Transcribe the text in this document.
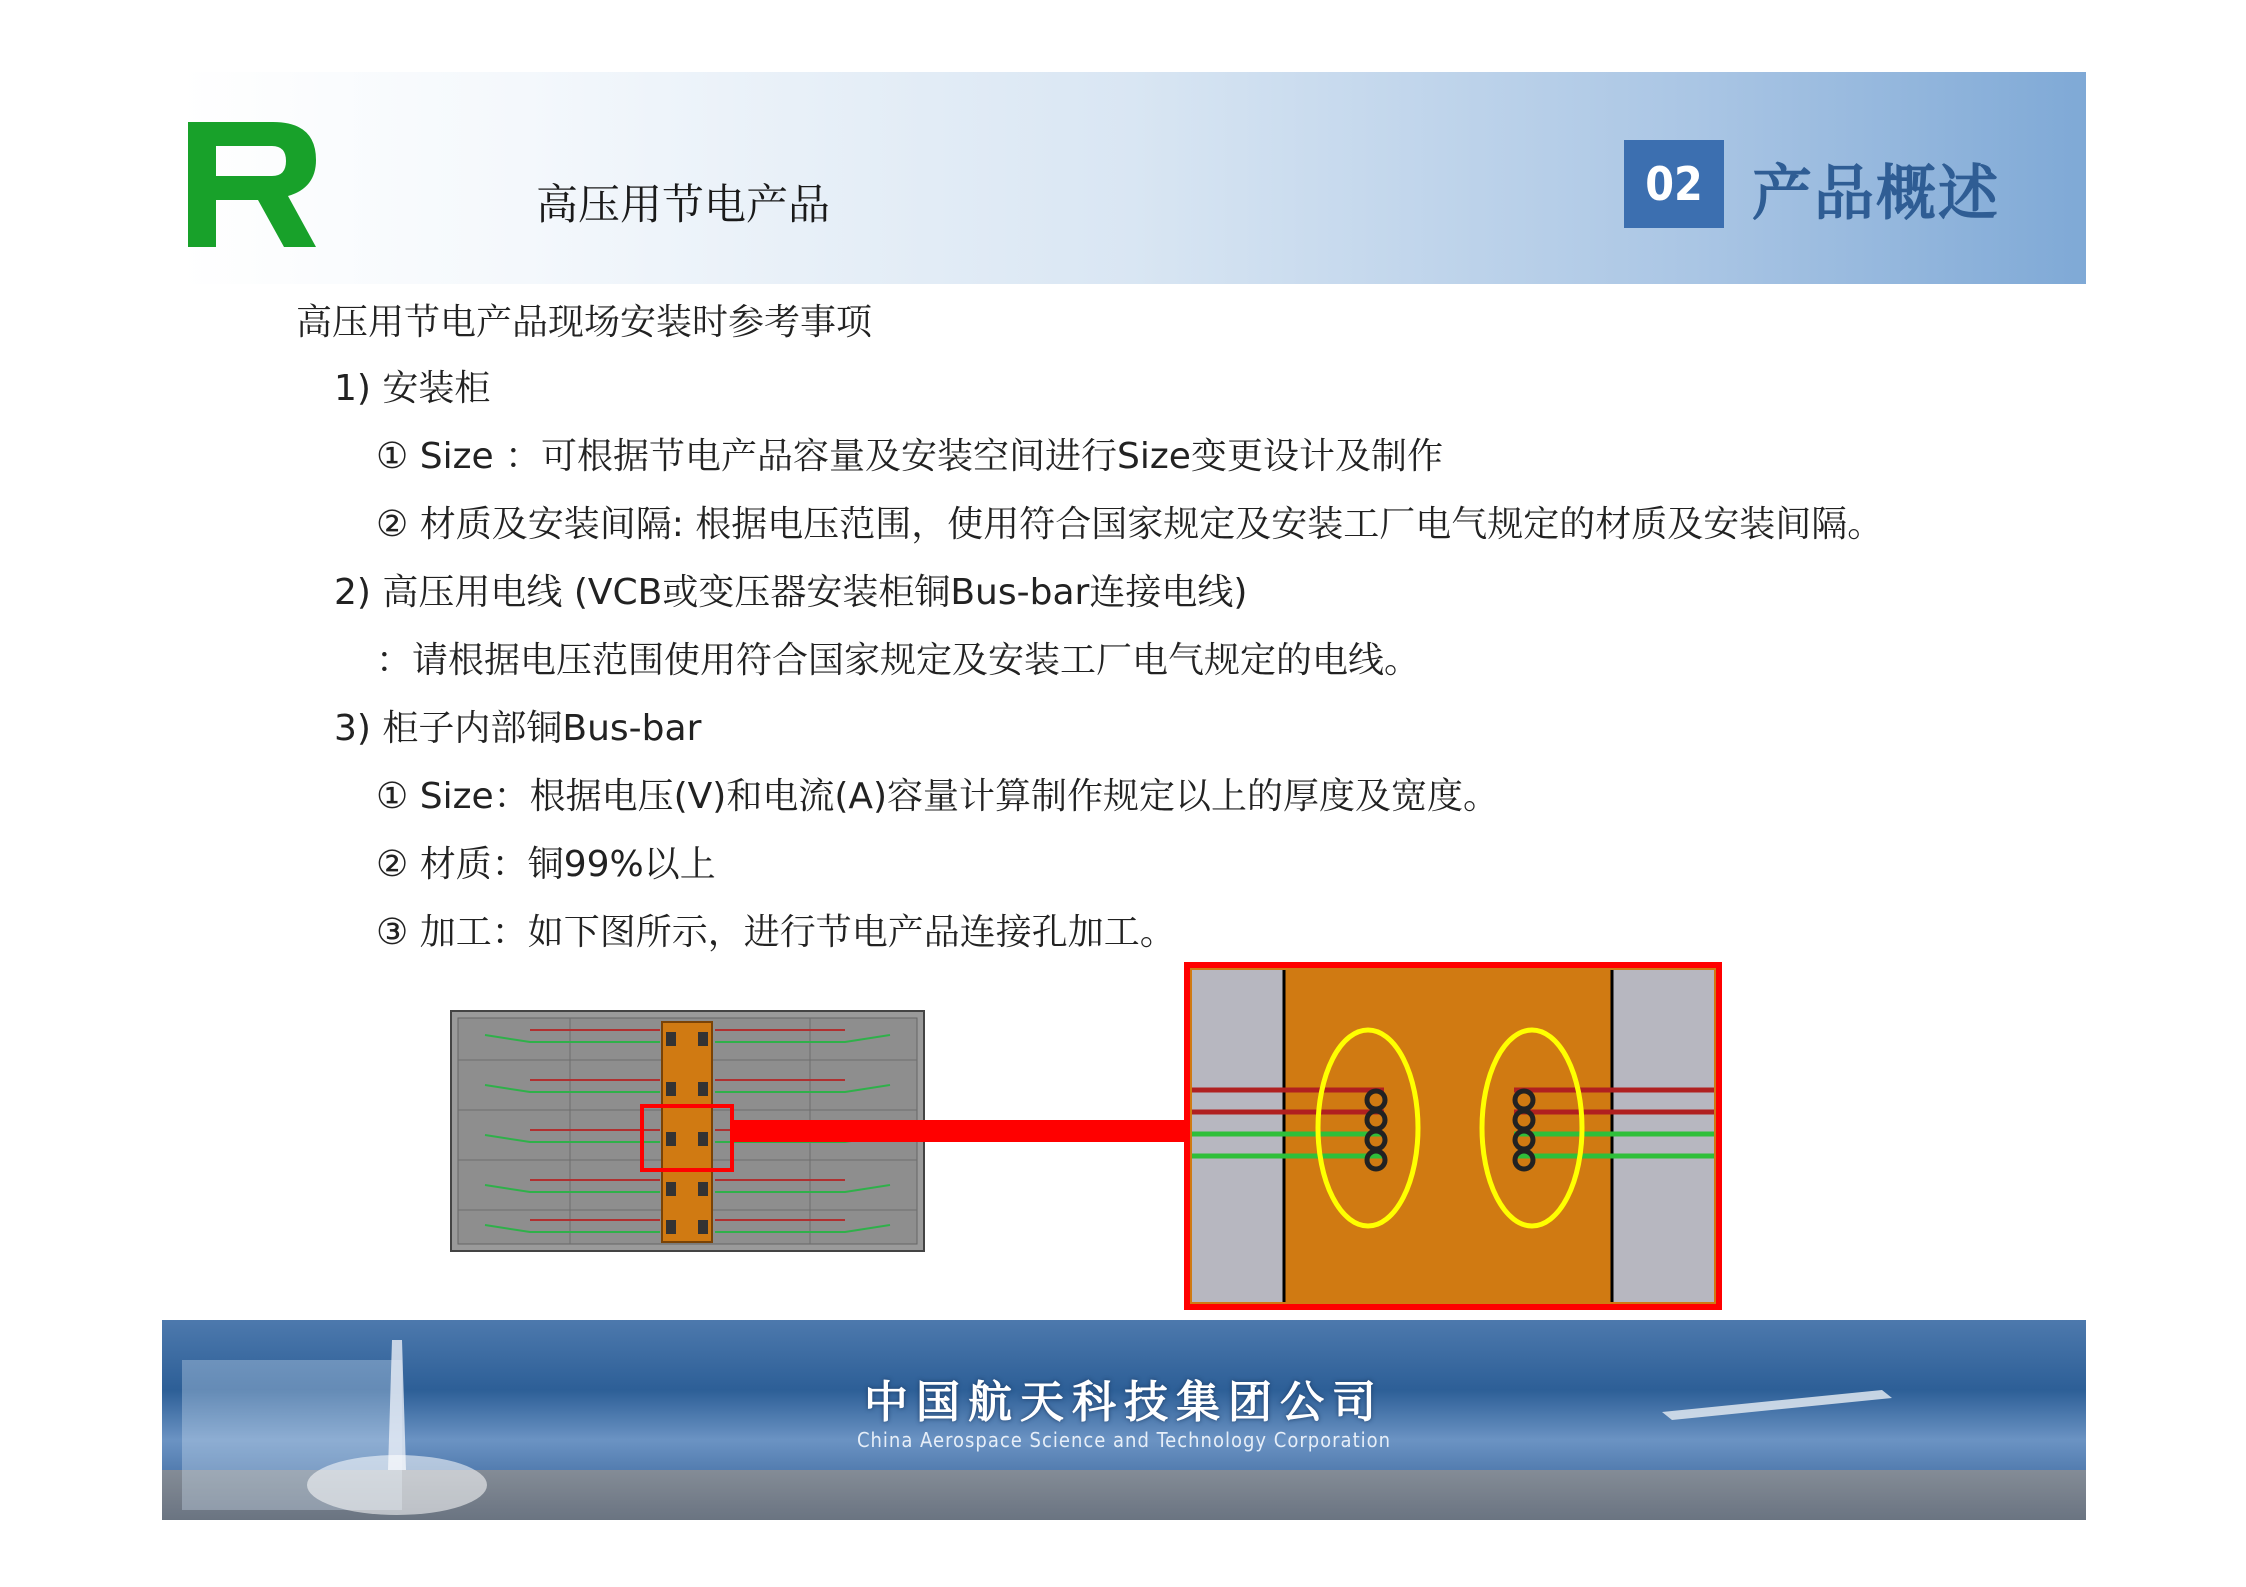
高压用节电产品	02 产品概述
高压用节电产品现场安装时参考事项
1) 安装柜
① Size ：可根据节电产品容量及安装空间进行Size变更设计及制作
② 材质及安装间隔: 根据电压范围，使用符合国家规定及安装工厂电气规定的材质及安装间隔。
2) 高压用电线 (VCB或变压器安装柜铜Bus-bar连接电线)
：请根据电压范围使用符合国家规定及安装工厂电气规定的电线。
3) 柜子内部铜Bus-bar
① Size：根据电压(V)和电流(A)容量计算制作规定以上的厚度及宽度。
② 材质：铜99%以上
③ 加工：如下图所示，进行节电产品连接孔加工。
中国航天科技集团公司
China Aerospace Science and Technology Corporation
